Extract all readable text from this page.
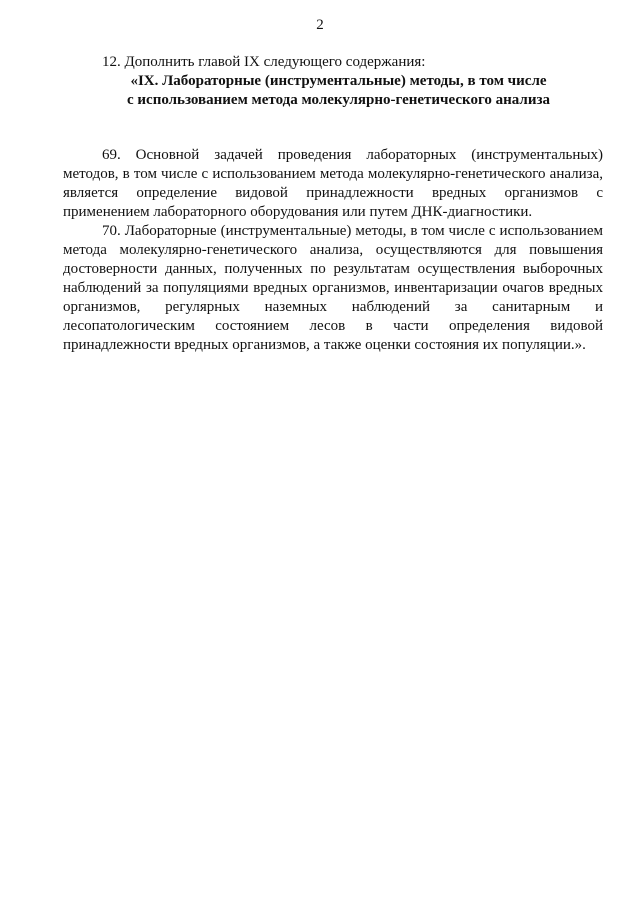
2
12. Дополнить главой IX следующего содержания:
«IX. Лабораторные (инструментальные) методы, в том числе
с использованием метода молекулярно-генетического анализа

69. Основной задачей проведения лабораторных (инструментальных) методов, в том числе с использованием метода молекулярно-генетического анализа, является определение видовой принадлежности вредных организмов с применением лабораторного оборудования или путем ДНК-диагностики.

70. Лабораторные (инструментальные) методы, в том числе с использованием метода молекулярно-генетического анализа, осуществляются для повышения достоверности данных, полученных по результатам осуществления выборочных наблюдений за популяциями вредных организмов, инвентаризации очагов вредных организмов, регулярных наземных наблюдений за санитарным и лесопатологическим состоянием лесов в части определения видовой принадлежности вредных организмов, а также оценки состояния их популяции.».
